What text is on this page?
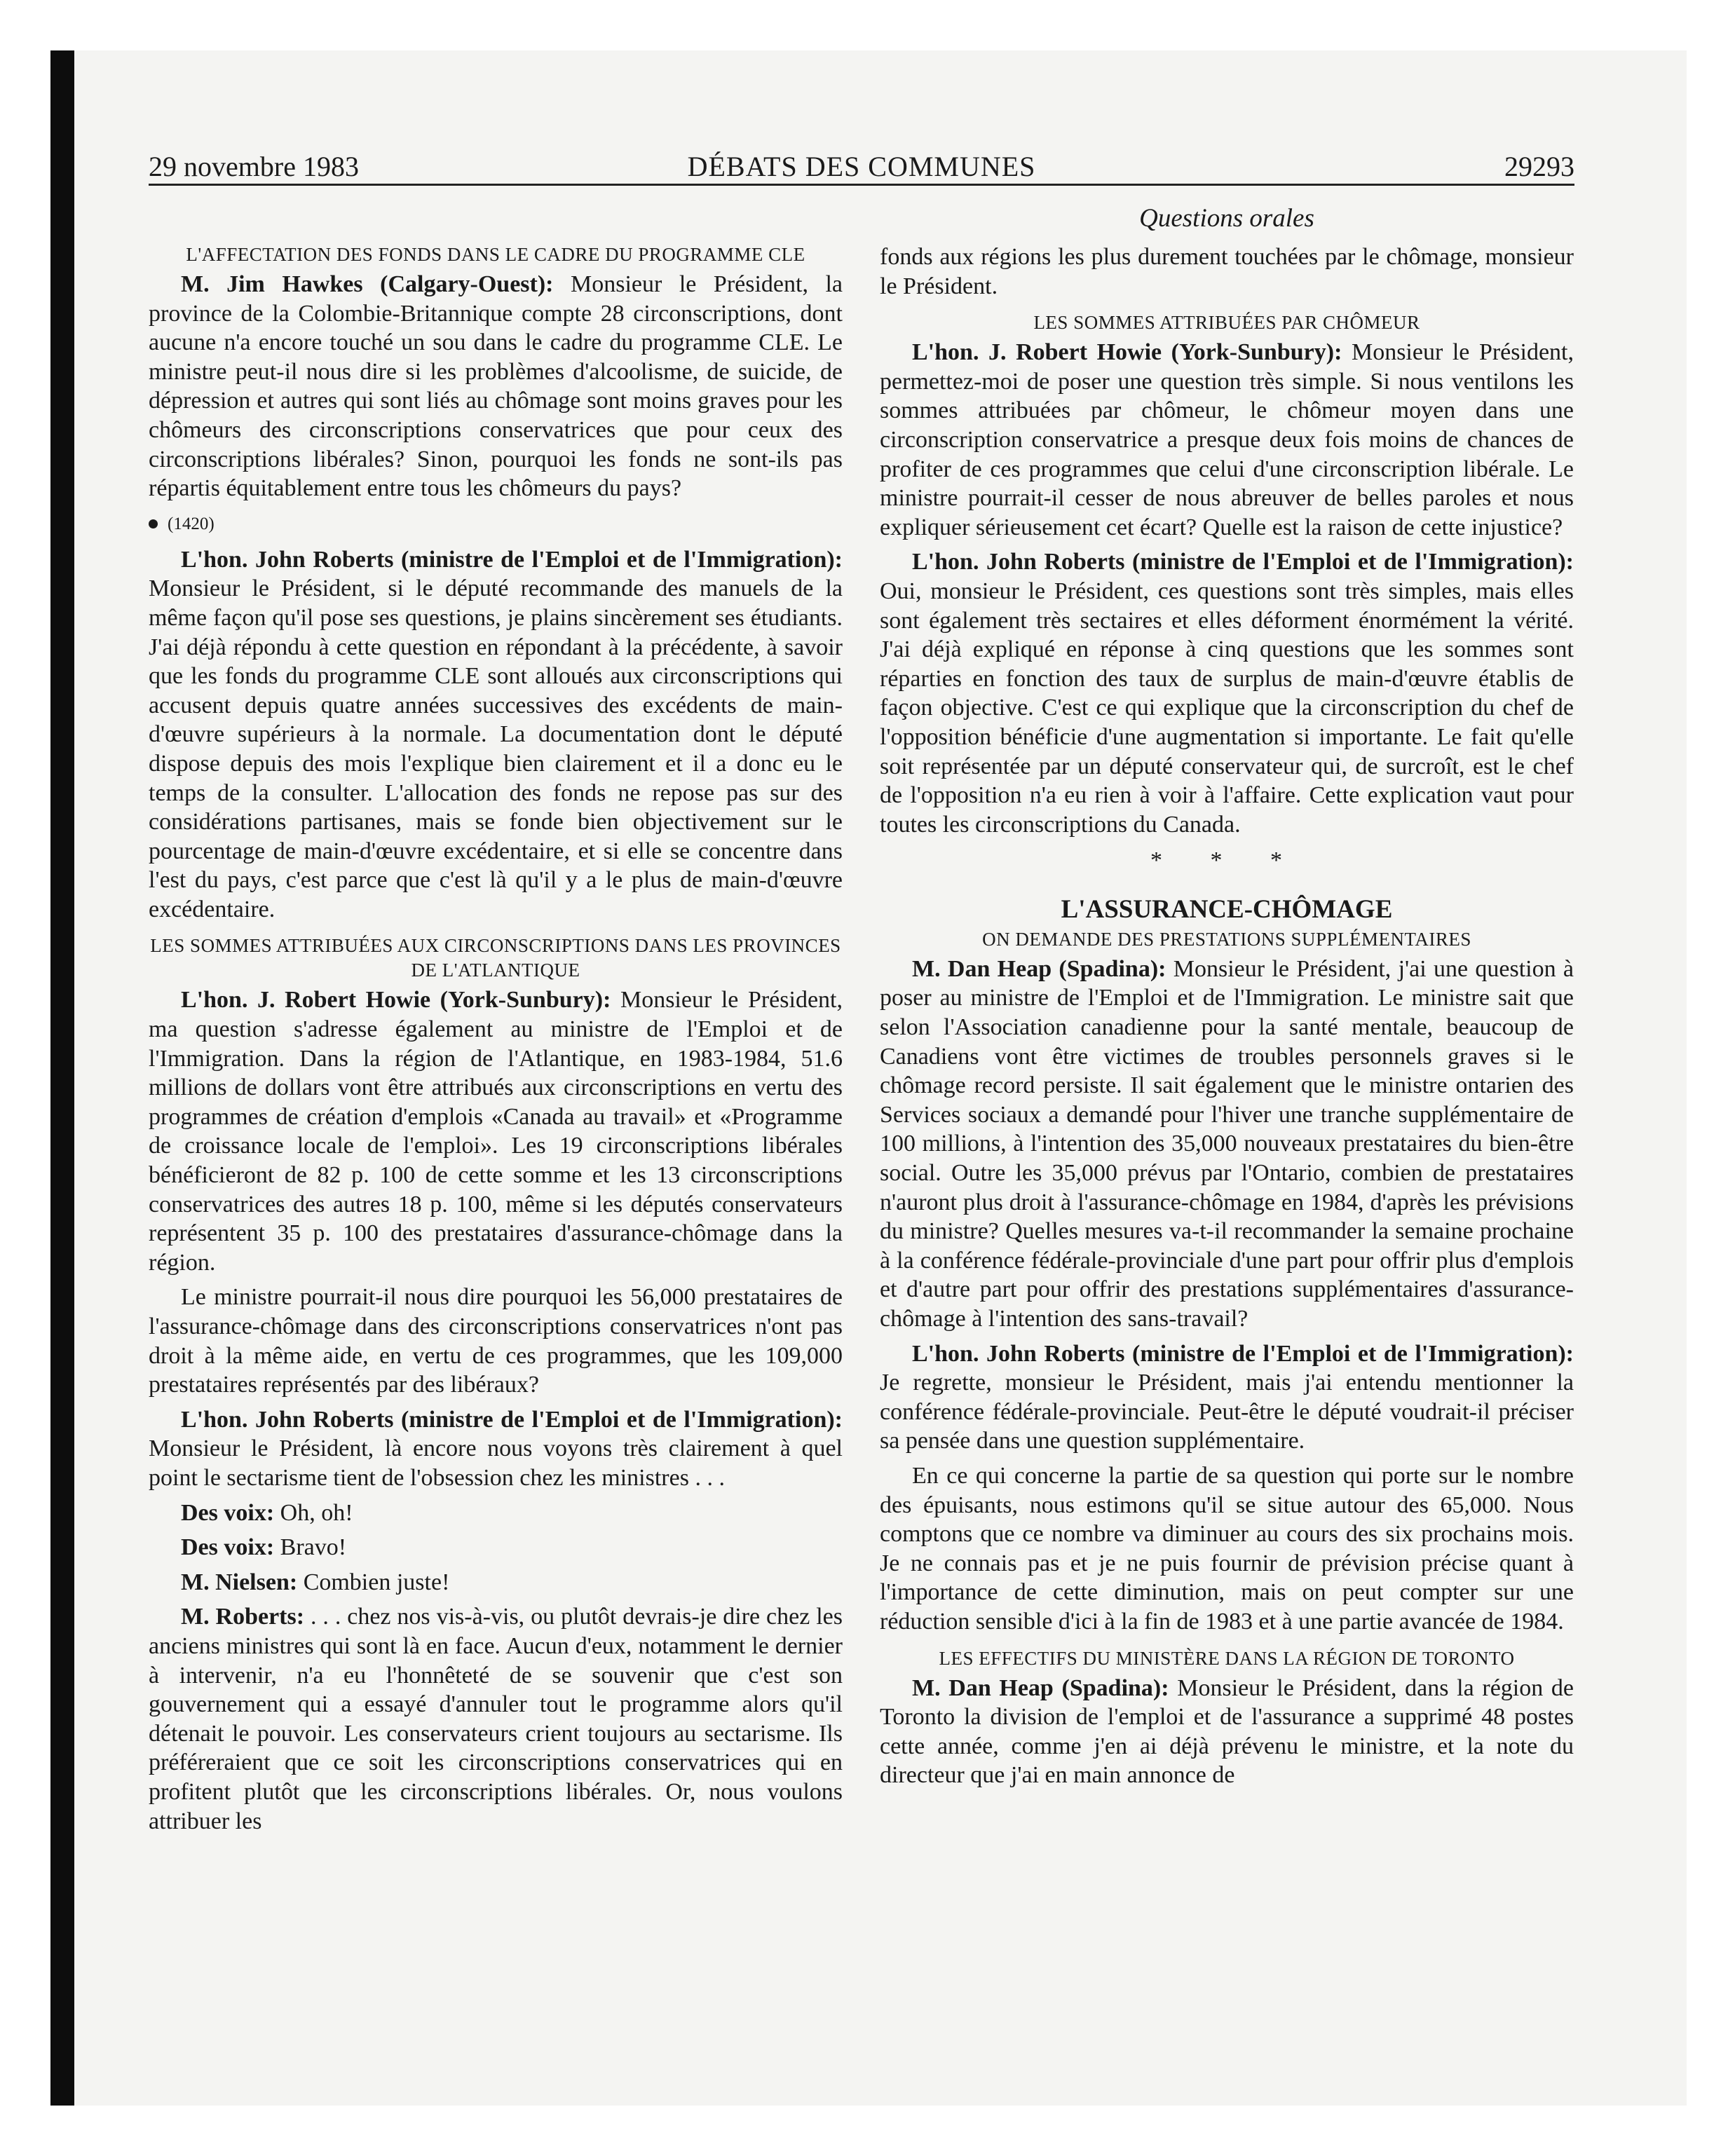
29 novembre 1983	DÉBATS DES COMMUNES	29293
Questions orales
L'AFFECTATION DES FONDS DANS LE CADRE DU PROGRAMME CLE

M. Jim Hawkes (Calgary-Ouest): Monsieur le Président, la province de la Colombie-Britannique compte 28 circonscriptions, dont aucune n'a encore touché un sou dans le cadre du programme CLE. Le ministre peut-il nous dire si les problèmes d'alcoolisme, de suicide, de dépression et autres qui sont liés au chômage sont moins graves pour les chômeurs des circonscriptions conservatrices que pour ceux des circonscriptions libérales? Sinon, pourquoi les fonds ne sont-ils pas répartis équitablement entre tous les chômeurs du pays?

(1420)

L'hon. John Roberts (ministre de l'Emploi et de l'Immigration): Monsieur le Président, si le député recommande des manuels de la même façon qu'il pose ses questions, je plains sincèrement ses étudiants. J'ai déjà répondu à cette question en répondant à la précédente, à savoir que les fonds du programme CLE sont alloués aux circonscriptions qui accusent depuis quatre années successives des excédents de main-d'œuvre supérieurs à la normale. La documentation dont le député dispose depuis des mois l'explique bien clairement et il a donc eu le temps de la consulter. L'allocation des fonds ne repose pas sur des considérations partisanes, mais se fonde bien objectivement sur le pourcentage de main-d'œuvre excédentaire, et si elle se concentre dans l'est du pays, c'est parce que c'est là qu'il y a le plus de main-d'œuvre excédentaire.

LES SOMMES ATTRIBUÉES AUX CIRCONSCRIPTIONS DANS LES PROVINCES DE L'ATLANTIQUE

L'hon. J. Robert Howie (York-Sunbury): Monsieur le Président, ma question s'adresse également au ministre de l'Emploi et de l'Immigration. Dans la région de l'Atlantique, en 1983-1984, 51.6 millions de dollars vont être attribués aux circonscriptions en vertu des programmes de création d'emplois «Canada au travail» et «Programme de croissance locale de l'emploi». Les 19 circonscriptions libérales bénéficieront de 82 p. 100 de cette somme et les 13 circonscriptions conservatrices des autres 18 p. 100, même si les députés conservateurs représentent 35 p. 100 des prestataires d'assurance-chômage dans la région.

Le ministre pourrait-il nous dire pourquoi les 56,000 prestataires de l'assurance-chômage dans des circonscriptions conservatrices n'ont pas droit à la même aide, en vertu de ces programmes, que les 109,000 prestataires représentés par des libéraux?

L'hon. John Roberts (ministre de l'Emploi et de l'Immigration): Monsieur le Président, là encore nous voyons très clairement à quel point le sectarisme tient de l'obsession chez les ministres . . .

Des voix: Oh, oh!

Des voix: Bravo!

M. Nielsen: Combien juste!

M. Roberts: . . . chez nos vis-à-vis, ou plutôt devrais-je dire chez les anciens ministres qui sont là en face. Aucun d'eux, notamment le dernier à intervenir, n'a eu l'honnêteté de se souvenir que c'est son gouvernement qui a essayé d'annuler tout le programme alors qu'il détenait le pouvoir. Les conservateurs crient toujours au sectarisme. Ils préféreraient que ce soit les circonscriptions conservatrices qui en profitent plutôt que les circonscriptions libérales. Or, nous voulons attribuer les

fonds aux régions les plus durement touchées par le chômage, monsieur le Président.

LES SOMMES ATTRIBUÉES PAR CHÔMEUR

L'hon. J. Robert Howie (York-Sunbury): Monsieur le Président, permettez-moi de poser une question très simple. Si nous ventilons les sommes attribuées par chômeur, le chômeur moyen dans une circonscription conservatrice a presque deux fois moins de chances de profiter de ces programmes que celui d'une circonscription libérale. Le ministre pourrait-il cesser de nous abreuver de belles paroles et nous expliquer sérieusement cet écart? Quelle est la raison de cette injustice?

L'hon. John Roberts (ministre de l'Emploi et de l'Immigration): Oui, monsieur le Président, ces questions sont très simples, mais elles sont également très sectaires et elles déforment énormément la vérité. J'ai déjà expliqué en réponse à cinq questions que les sommes sont réparties en fonction des taux de surplus de main-d'œuvre établis de façon objective. C'est ce qui explique que la circonscription du chef de l'opposition bénéficie d'une augmentation si importante. Le fait qu'elle soit représentée par un député conservateur qui, de surcroît, est le chef de l'opposition n'a eu rien à voir à l'affaire. Cette explication vaut pour toutes les circonscriptions du Canada.

* * *
L'ASSURANCE-CHÔMAGE
ON DEMANDE DES PRESTATIONS SUPPLÉMENTAIRES

M. Dan Heap (Spadina): Monsieur le Président, j'ai une question à poser au ministre de l'Emploi et de l'Immigration. Le ministre sait que selon l'Association canadienne pour la santé mentale, beaucoup de Canadiens vont être victimes de troubles personnels graves si le chômage record persiste. Il sait également que le ministre ontarien des Services sociaux a demandé pour l'hiver une tranche supplémentaire de 100 millions, à l'intention des 35,000 nouveaux prestataires du bien-être social. Outre les 35,000 prévus par l'Ontario, combien de prestataires n'auront plus droit à l'assurance-chômage en 1984, d'après les prévisions du ministre? Quelles mesures va-t-il recommander la semaine prochaine à la conférence fédérale-provinciale d'une part pour offrir plus d'emplois et d'autre part pour offrir des prestations supplémentaires d'assurance-chômage à l'intention des sans-travail?

L'hon. John Roberts (ministre de l'Emploi et de l'Immigration): Je regrette, monsieur le Président, mais j'ai entendu mentionner la conférence fédérale-provinciale. Peut-être le député voudrait-il préciser sa pensée dans une question supplémentaire.

En ce qui concerne la partie de sa question qui porte sur le nombre des épuisants, nous estimons qu'il se situe autour des 65,000. Nous comptons que ce nombre va diminuer au cours des six prochains mois. Je ne connais pas et je ne puis fournir de prévision précise quant à l'importance de cette diminution, mais on peut compter sur une réduction sensible d'ici à la fin de 1983 et à une partie avancée de 1984.

LES EFFECTIFS DU MINISTÈRE DANS LA RÉGION DE TORONTO

M. Dan Heap (Spadina): Monsieur le Président, dans la région de Toronto la division de l'emploi et de l'assurance a supprimé 48 postes cette année, comme j'en ai déjà prévenu le ministre, et la note du directeur que j'ai en main annonce de
